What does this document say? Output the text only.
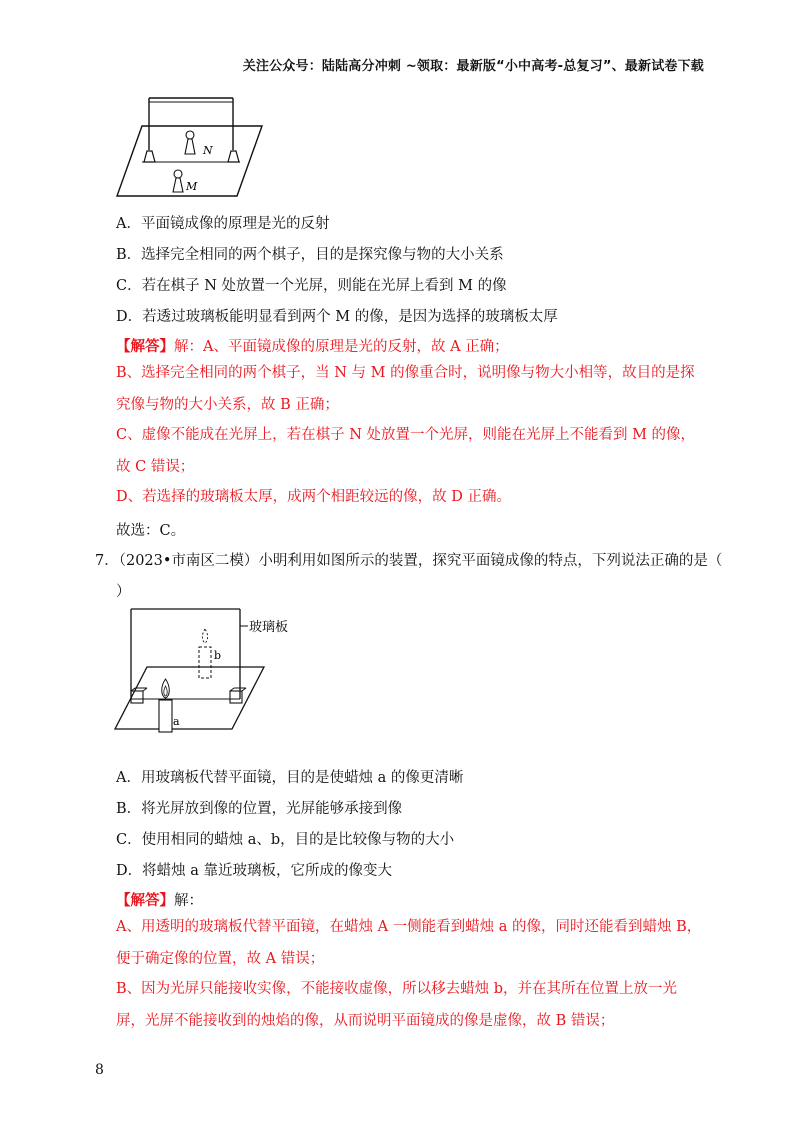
关注公众号：陆陆高分冲刺 ~领取：最新版“小中高考-总复习”、最新试卷下载
N
M
A．平面镜成像的原理是光的反射
B．选择完全相同的两个棋子，目的是探究像与物的大小关系
C．若在棋子 N 处放置一个光屏，则能在光屏上看到 M 的像
D．若透过玻璃板能明显看到两个 M 的像，是因为选择的玻璃板太厚
【解答】解：A、平面镜成像的原理是光的反射，故 A 正确；
B、选择完全相同的两个棋子，当 N 与 M 的像重合时，说明像与物大小相等，故目的是探究像与物的大小关系，故 B 正确；
C、虚像不能成在光屏上，若在棋子 N 处放置一个光屏，则能在光屏上不能看到 M 的像，故 C 错误；
D、若选择的玻璃板太厚，成两个相距较远的像，故 D 正确。
故选：C。
7．（2023•市南区二模）小明利用如图所示的装置，探究平面镜成像的特点，下列说法正确的是（
）
玻璃板
b
a
A．用玻璃板代替平面镜，目的是使蜡烛 a 的像更清晰
B．将光屏放到像的位置，光屏能够承接到像
C．使用相同的蜡烛 a、b，目的是比较像与物的大小
D．将蜡烛 a 靠近玻璃板，它所成的像变大
【解答】解：
A、用透明的玻璃板代替平面镜，在蜡烛 A 一侧能看到蜡烛 a 的像，同时还能看到蜡烛 B，便于确定像的位置，故 A 错误；
B、因为光屏只能接收实像，不能接收虚像，所以移去蜡烛 b，并在其所在位置上放一光屏，光屏不能接收到的烛焰的像，从而说明平面镜成的像是虚像，故 B 错误；
8
